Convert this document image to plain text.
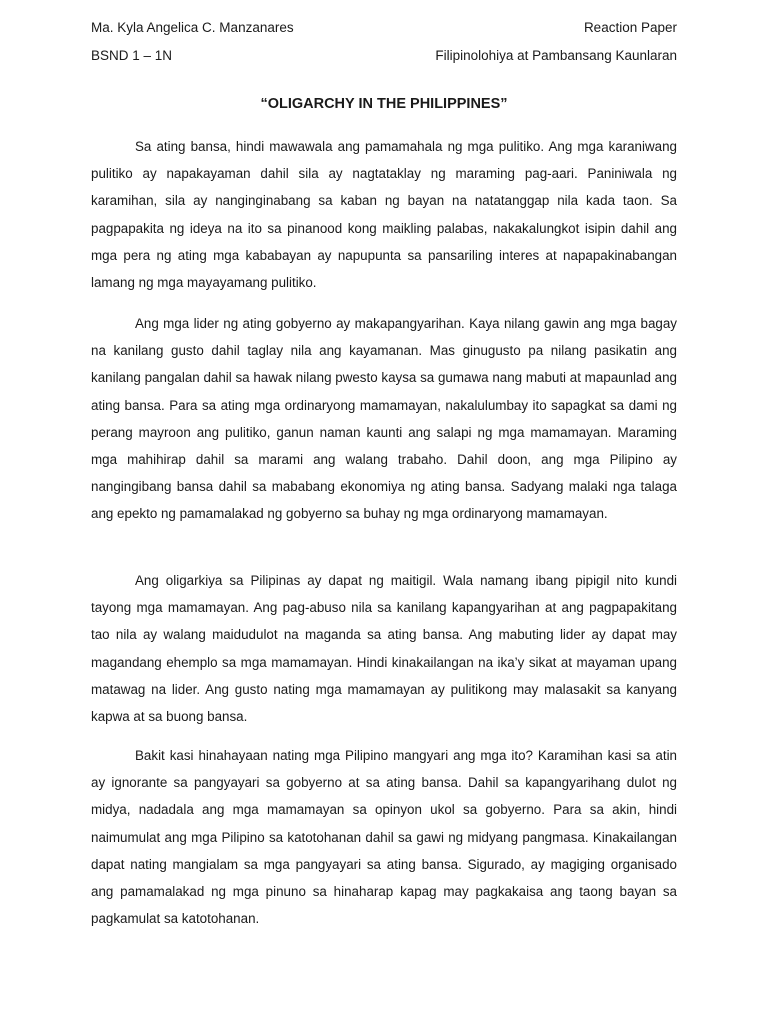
Ma. Kyla Angelica C. Manzanares	Reaction Paper
BSND 1 – 1N	Filipinolohiya at Pambansang Kaunlaran
“OLIGARCHY IN THE PHILIPPINES”

Sa ating bansa, hindi mawawala ang pamamahala ng mga pulitiko. Ang mga karaniwang pulitiko ay napakayaman dahil sila ay nagtataklay ng maraming pag-aari. Paniniwala ng karamihan, sila ay nanginginabang sa kaban ng bayan na natatanggap nila kada taon. Sa pagpapakita ng ideya na ito sa pinanood kong maikling palabas, nakakalungkot isipin dahil ang mga pera ng ating mga kababayan ay napupunta sa pansariling interes at napapakinabangan lamang ng mga mayayamang pulitiko.

Ang mga lider ng ating gobyerno ay makapangyarihan. Kaya nilang gawin ang mga bagay na kanilang gusto dahil taglay nila ang kayamanan. Mas ginugusto pa nilang pasikatin ang kanilang pangalan dahil sa hawak nilang pwesto kaysa sa gumawa nang mabuti at mapaunlad ang ating bansa. Para sa ating mga ordinaryong mamamayan, nakalulumbay ito sapagkat sa dami ng perang mayroon ang pulitiko, ganun naman kaunti ang salapi ng mga mamamayan. Maraming mga mahihirap dahil sa marami ang walang trabaho. Dahil doon, ang mga Pilipino ay nangingibang bansa dahil sa mababang ekonomiya ng ating bansa. Sadyang malaki nga talaga ang epekto ng pamamalakad ng gobyerno sa buhay ng mga ordinaryong mamamayan.

Ang oligarkiya sa Pilipinas ay dapat ng maitigil. Wala namang ibang pipigil nito kundi tayong mga mamamayan. Ang pag-abuso nila sa kanilang kapangyarihan at ang pagpapakitang tao nila ay walang maidudulot na maganda sa ating bansa. Ang mabuting lider ay dapat may magandang ehemplo sa mga mamamayan. Hindi kinakailangan na ika’y sikat at mayaman upang matawag na lider. Ang gusto nating mga mamamayan ay pulitikong may malasakit sa kanyang kapwa at sa buong bansa.

Bakit kasi hinahayaan nating mga Pilipino mangyari ang mga ito? Karamihan kasi sa atin ay ignorante sa pangyayari sa gobyerno at sa ating bansa. Dahil sa kapangyarihang dulot ng midya, nadadala ang mga mamamayan sa opinyon ukol sa gobyerno. Para sa akin, hindi naimumulat ang mga Pilipino sa katotohanan dahil sa gawi ng midyang pangmasa. Kinakailangan dapat nating mangialam sa mga pangyayari sa ating bansa. Sigurado, ay magiging organisado ang pamamalakad ng mga pinuno sa hinaharap kapag may pagkakaisa ang taong bayan sa pagkamulat sa katotohanan.
